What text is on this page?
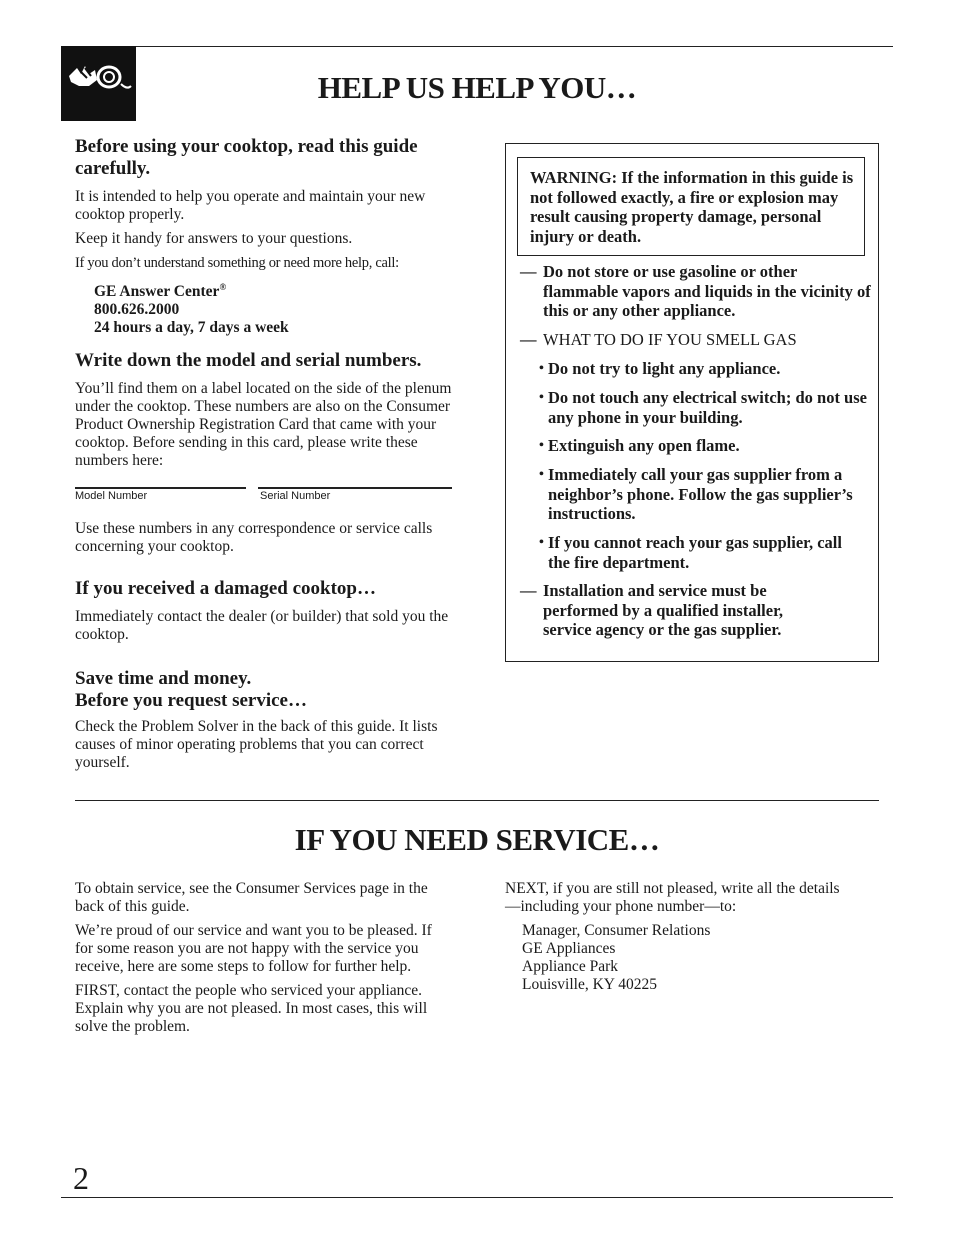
HELP US HELP YOU…
Before using your cooktop, read this guide carefully.

It is intended to help you operate and maintain your new cooktop properly.

Keep it handy for answers to your questions.

If you don’t understand something or need more help, call:

GE Answer Center®
800.626.2000
24 hours a day, 7 days a week
Write down the model and serial numbers.

You’ll find them on a label located on the side of the plenum under the cooktop. These numbers are also on the Consumer Product Ownership Registration Card that came with your cooktop. Before sending in this card, please write these numbers here:

Model Number	Serial Number

Use these numbers in any correspondence or service calls concerning your cooktop.

If you received a damaged cooktop…

Immediately contact the dealer (or builder) that sold you the cooktop.

Save time and money.
Before you request service…

Check the Problem Solver in the back of this guide. It lists causes of minor operating problems that you can correct yourself.

WARNING: If the information in this guide is not followed exactly, a fire or explosion may result causing property damage, personal injury or death.
— Do not store or use gasoline or other flammable vapors and liquids in the vicinity of this or any other appliance.
— WHAT TO DO IF YOU SMELL GAS
• Do not try to light any appliance.
• Do not touch any electrical switch; do not use any phone in your building.
• Extinguish any open flame.
• Immediately call your gas supplier from a neighbor’s phone. Follow the gas supplier’s instructions.
• If you cannot reach your gas supplier, call the fire department.
— Installation and service must be performed by a qualified installer, service agency or the gas supplier.
IF YOU NEED SERVICE…

To obtain service, see the Consumer Services page in the back of this guide.

We’re proud of our service and want you to be pleased. If for some reason you are not happy with the service you receive, here are some steps to follow for further help.

FIRST, contact the people who serviced your appliance. Explain why you are not pleased. In most cases, this will solve the problem.

NEXT, if you are still not pleased, write all the details—including your phone number—to:

Manager, Consumer Relations
GE Appliances
Appliance Park
Louisville, KY 40225
2
